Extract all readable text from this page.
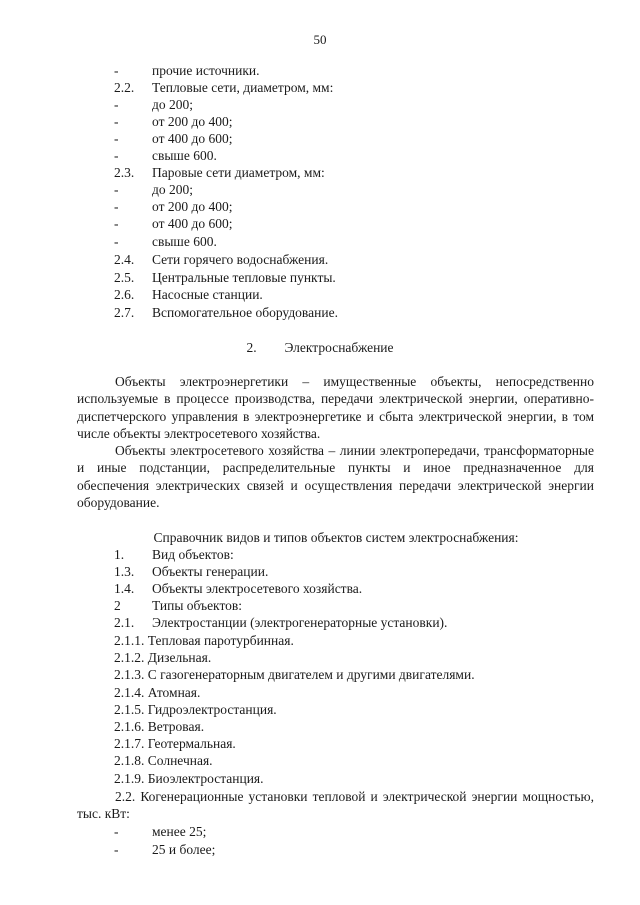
50
- прочие источники.
2.2. Тепловые сети, диаметром, мм:
- до 200;
- от 200 до 400;
- от 400 до 600;
- свыше 600.
2.3. Паровые сети диаметром, мм:
- до 200;
- от 200 до 400;
- от 400 до 600;
- свыше 600.
2.4. Сети горячего водоснабжения.
2.5. Центральные тепловые пункты.
2.6. Насосные станции.
2.7. Вспомогательное оборудование.
2. Электроснабжение
Объекты электроэнергетики – имущественные объекты, непосредственно используемые в процессе производства, передачи электрической энергии, оперативно-диспетчерского управления в электроэнергетике и сбыта электрической энергии, в том числе объекты электросетевого хозяйства.
Объекты электросетевого хозяйства – линии электропередачи, трансформаторные и иные подстанции, распределительные пункты и иное предназначенное для обеспечения электрических связей и осуществления передачи электрической энергии оборудование.
Справочник видов и типов объектов систем электроснабжения:
1. Вид объектов:
1.3. Объекты генерации.
1.4. Объекты электросетевого хозяйства.
2 Типы объектов:
2.1. Электростанции (электрогенераторные установки).
2.1.1. Тепловая паротурбинная.
2.1.2. Дизельная.
2.1.3. С газогенераторным двигателем и другими двигателями.
2.1.4. Атомная.
2.1.5. Гидроэлектростанция.
2.1.6. Ветровая.
2.1.7. Геотермальная.
2.1.8. Солнечная.
2.1.9. Биоэлектростанция.
2.2. Когенерационные установки тепловой и электрической энергии мощностью, тыс. кВт:
- менее 25;
- 25 и более;
